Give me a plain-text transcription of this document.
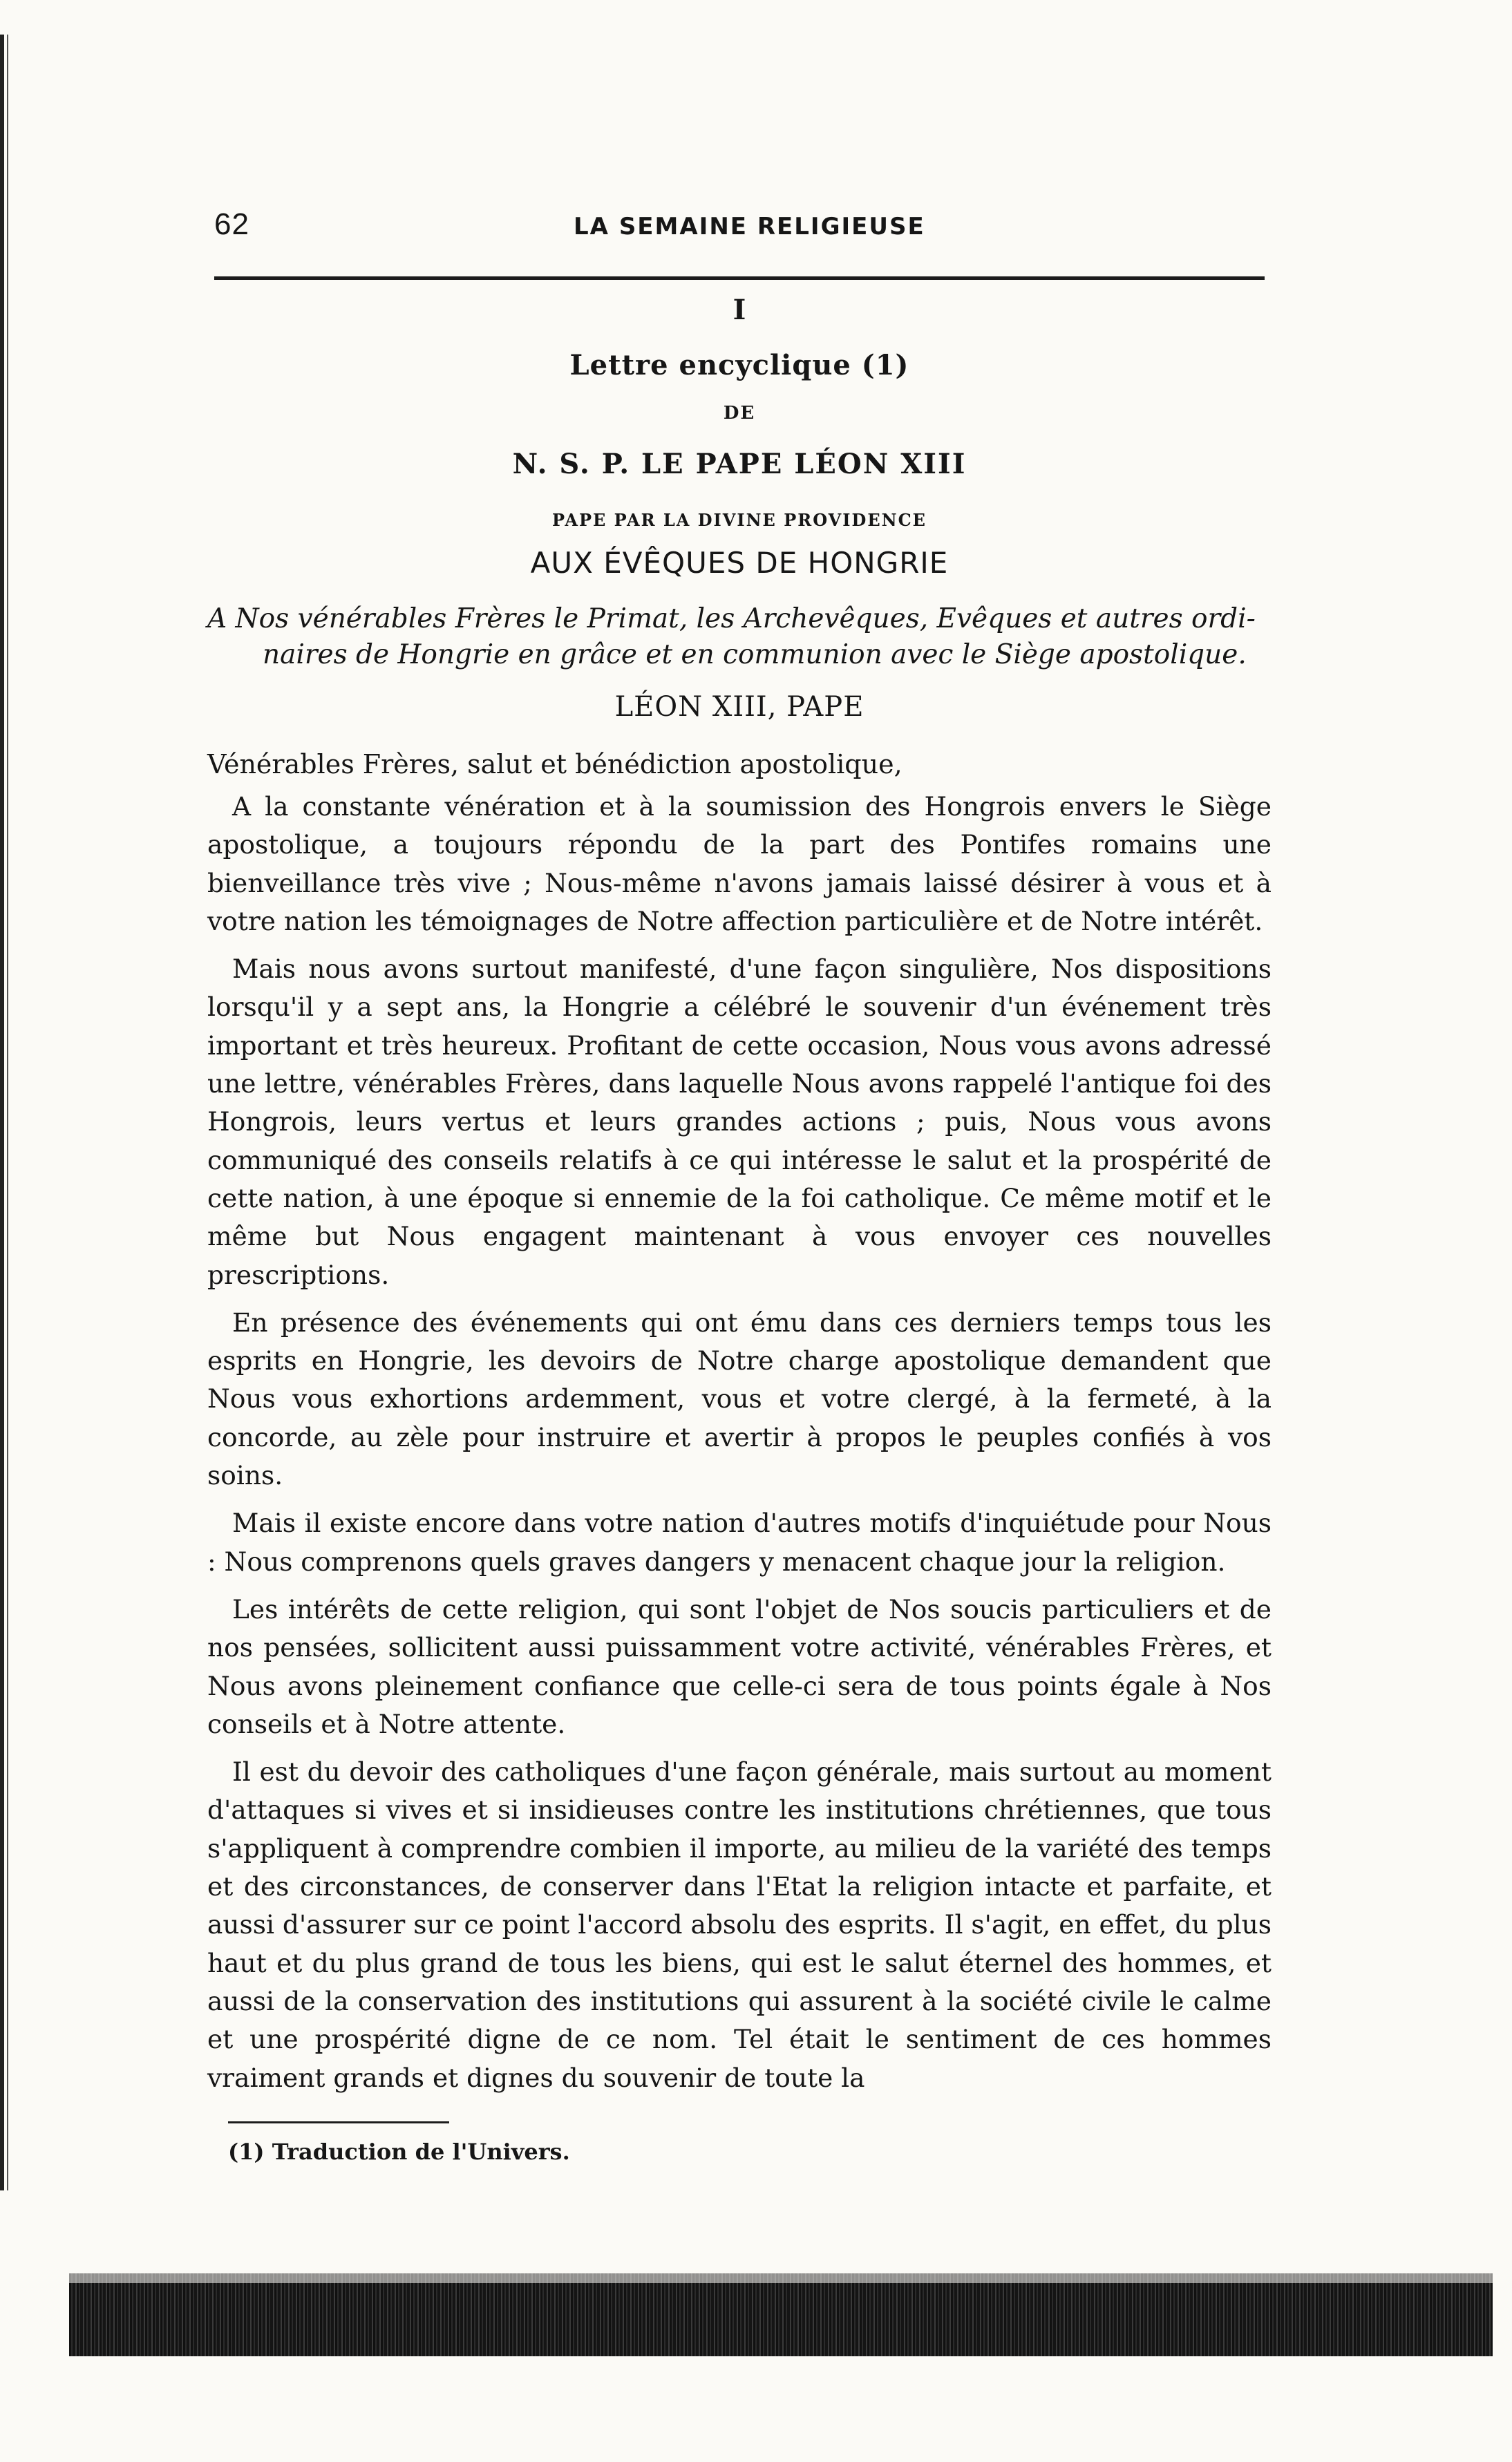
62	LA SEMAINE RELIGIEUSE
I
Lettre encyclique (1)
DE
N. S. P. LE PAPE LÉON XIII
PAPE PAR LA DIVINE PROVIDENCE
AUX ÉVÊQUES DE HONGRIE
A Nos vénérables Frères le Primat, les Archevêques, Evêques et autres ordi-
naires de Hongrie en grâce et en communion avec le Siège apostolique.
LÉON XIII, PAPE
Vénérables Frères, salut et bénédiction apostolique,

A la constante vénération et à la soumission des Hongrois envers le Siège apostolique, a toujours répondu de la part des Pontifes romains une bienveillance très vive ; Nous-même n'avons jamais laissé désirer à vous et à votre nation les témoignages de Notre affection particulière et de Notre intérêt.

Mais nous avons surtout manifesté, d'une façon singulière, Nos dispositions lorsqu'il y a sept ans, la Hongrie a célébré le souvenir d'un événement très important et très heureux. Profitant de cette occasion, Nous vous avons adressé une lettre, vénérables Frères, dans laquelle Nous avons rappelé l'antique foi des Hongrois, leurs vertus et leurs grandes actions ; puis, Nous vous avons communiqué des conseils relatifs à ce qui intéresse le salut et la prospérité de cette nation, à une époque si ennemie de la foi catholique. Ce même motif et le même but Nous engagent maintenant à vous envoyer ces nouvelles prescriptions.

En présence des événements qui ont ému dans ces derniers temps tous les esprits en Hongrie, les devoirs de Notre charge apostolique demandent que Nous vous exhortions ardemment, vous et votre clergé, à la fermeté, à la concorde, au zèle pour instruire et avertir à propos le peuples confiés à vos soins.

Mais il existe encore dans votre nation d'autres motifs d'inquiétude pour Nous : Nous comprenons quels graves dangers y menacent chaque jour la religion.

Les intérêts de cette religion, qui sont l'objet de Nos soucis particuliers et de nos pensées, sollicitent aussi puissamment votre activité, vénérables Frères, et Nous avons pleinement confiance que celle-ci sera de tous points égale à Nos conseils et à Notre attente.

Il est du devoir des catholiques d'une façon générale, mais surtout au moment d'attaques si vives et si insidieuses contre les institutions chrétiennes, que tous s'appliquent à comprendre combien il importe, au milieu de la variété des temps et des circonstances, de conserver dans l'Etat la religion intacte et parfaite, et aussi d'assurer sur ce point l'accord absolu des esprits. Il s'agit, en effet, du plus haut et du plus grand de tous les biens, qui est le salut éternel des hommes, et aussi de la conservation des institutions qui assurent à la société civile le calme et une prospérité digne de ce nom. Tel était le sentiment de ces hommes vraiment grands et dignes du souvenir de toute la

(1) Traduction de l'Univers.
